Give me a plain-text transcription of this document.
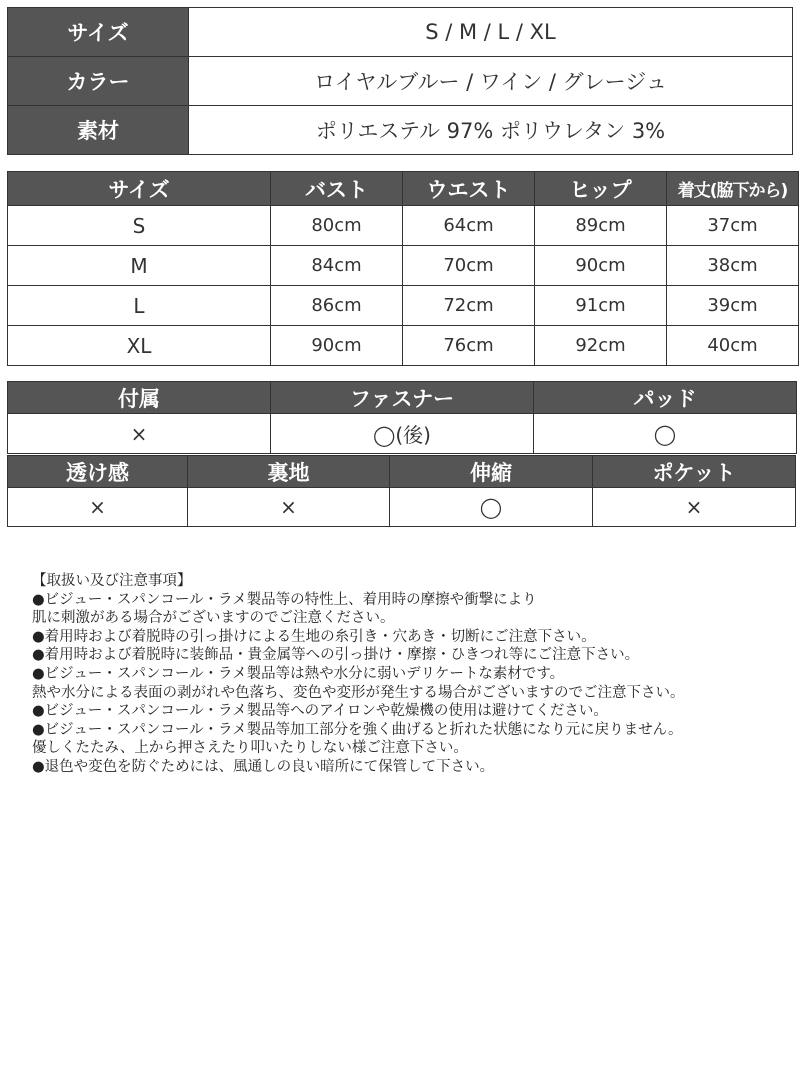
サイズ	S / M / L / XL
カラー	ロイヤルブルー / ワイン / グレージュ
素材	ポリエステル 97% ポリウレタン 3%
サイズ	バスト	ウエスト	ヒップ	着丈(脇下から)
S	80cm	64cm	89cm	37cm
M	84cm	70cm	90cm	38cm
L	86cm	72cm	91cm	39cm
XL	90cm	76cm	92cm	40cm
付属	ファスナー	パッド
×	◯(後)	◯
透け感	裏地	伸縮	ポケット
×	×	◯	×
【取扱い及び注意事項】
●ビジュー・スパンコール・ラメ製品等の特性上、着用時の摩擦や衝撃により
肌に刺激がある場合がございますのでご注意ください。
●着用時および着脱時の引っ掛けによる生地の糸引き・穴あき・切断にご注意下さい。
●着用時および着脱時に装飾品・貴金属等への引っ掛け・摩擦・ひきつれ等にご注意下さい。
●ビジュー・スパンコール・ラメ製品等は熱や水分に弱いデリケートな素材です。
熱や水分による表面の剥がれや色落ち、変色や変形が発生する場合がございますのでご注意下さい。
●ビジュー・スパンコール・ラメ製品等へのアイロンや乾燥機の使用は避けてください。
●ビジュー・スパンコール・ラメ製品等加工部分を強く曲げると折れた状態になり元に戻りません。
優しくたたみ、上から押さえたり叩いたりしない様ご注意下さい。
●退色や変色を防ぐためには、風通しの良い暗所にて保管して下さい。
